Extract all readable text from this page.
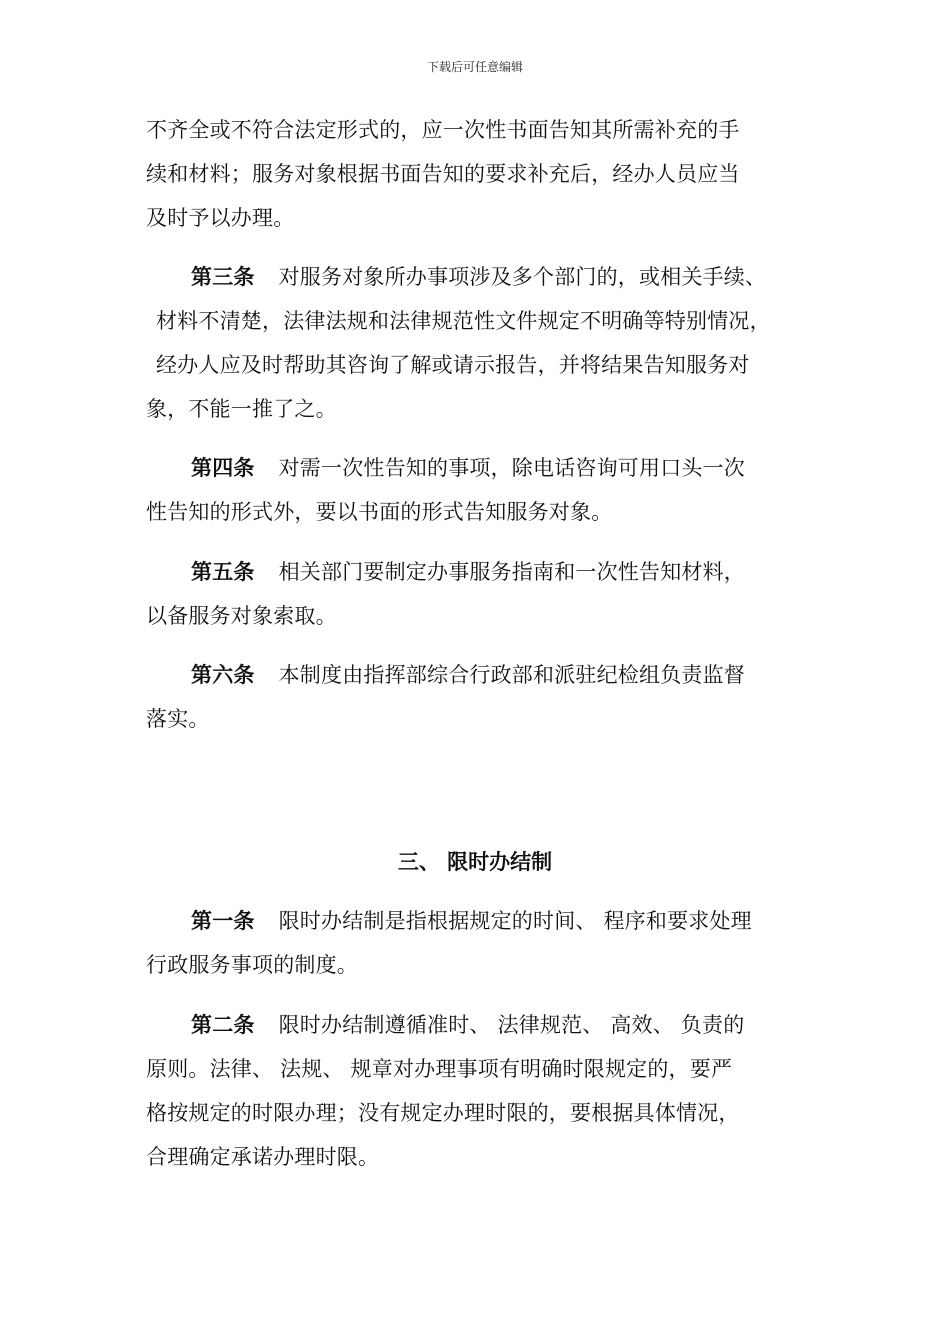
下载后可任意编辑
不齐全或不符合法定形式的，应一次性书面告知其所需补充的手
续和材料；服务对象根据书面告知的要求补充后，经办人员应当
及时予以办理。
第三条 对服务对象所办事项涉及多个部门的，或相关手续、
材料不清楚，法律法规和法律规范性文件规定不明确等特别情况，
经办人应及时帮助其咨询了解或请示报告，并将结果告知服务对
象，不能一推了之。
第四条 对需一次性告知的事项，除电话咨询可用口头一次
性告知的形式外，要以书面的形式告知服务对象。
第五条 相关部门要制定办事服务指南和一次性告知材料，
以备服务对象索取。
第六条 本制度由指挥部综合行政部和派驻纪检组负责监督
落实。
三、 限时办结制
第一条 限时办结制是指根据规定的时间、 程序和要求处理
行政服务事项的制度。
第二条 限时办结制遵循准时、 法律规范、 高效、 负责的
原则。法律、 法规、 规章对办理事项有明确时限规定的，要严
格按规定的时限办理；没有规定办理时限的，要根据具体情况，
合理确定承诺办理时限。
